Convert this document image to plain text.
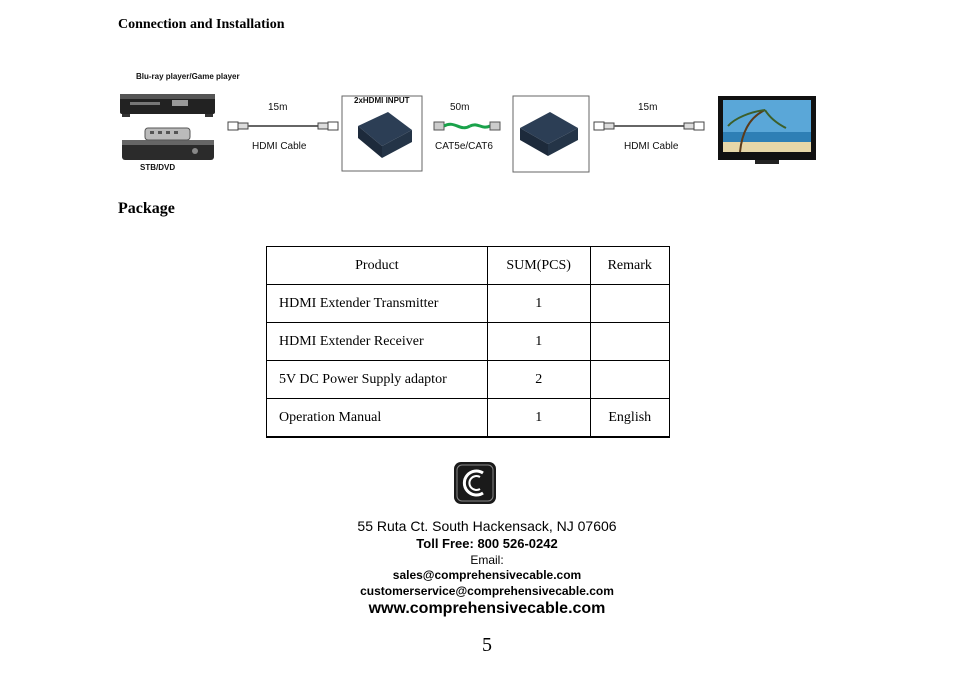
Connection and Installation
Package
Blu-ray player/Game player
STB/DVD
2xHDMI INPUT
15m
HDMI Cable
50m
CAT5e/CAT6
15m
HDMI Cable
Product	SUM(PCS)	Remark
HDMI Extender Transmitter	1	
HDMI Extender Receiver	1	
5V DC Power Supply adaptor	2	
Operation Manual	1	English
55 Ruta Ct. South Hackensack, NJ 07606
Toll Free: 800 526-0242
Email:
sales@comprehensivecable.com
customerservice@comprehensivecable.com
www.comprehensivecable.com
5
